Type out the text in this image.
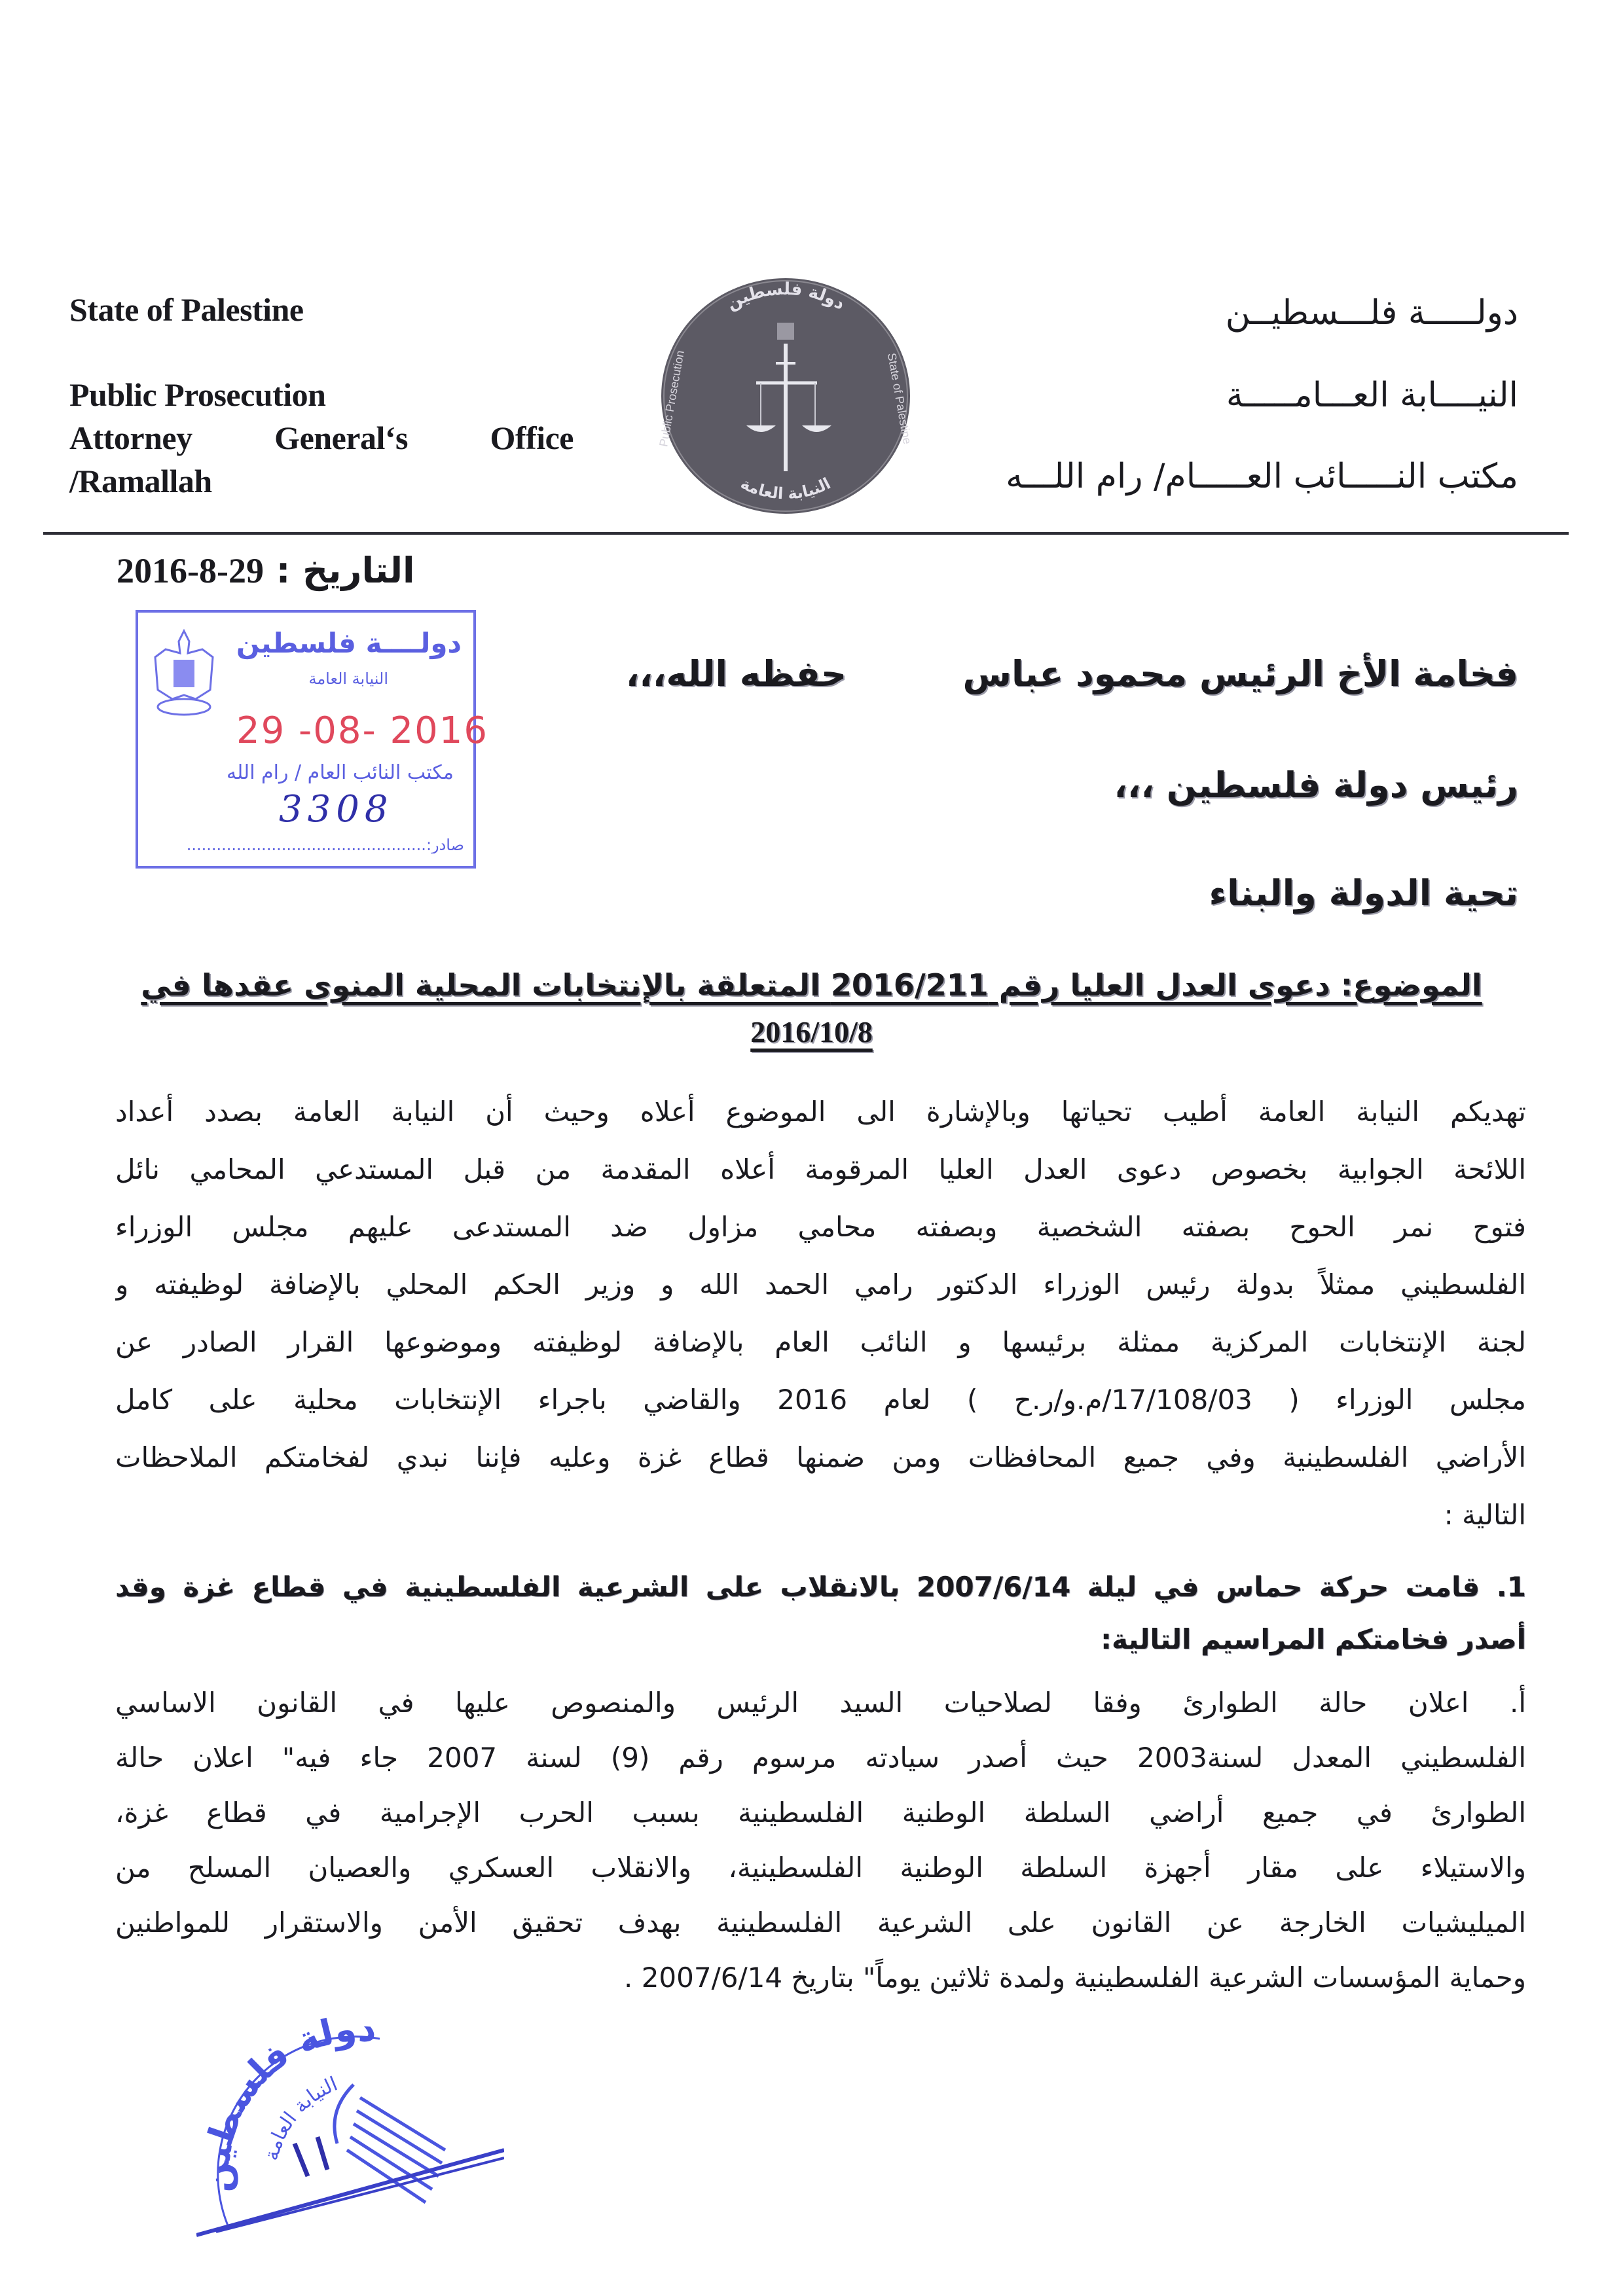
State of Palestine
Public Prosecution
Attorney	General‘s	Office
/Ramallah
دولة فلسطين
النيابة العامة
State of Palestine
Public Prosecution
دولـــــة فلـــسطيــن
النيــــابة العـــامـــــة
مكتب النـــــائب العـــــام/ رام اللـــه
التاريخ : 29-8-2016
دولــــة فلسطين
النيابة العامة
29 -08- 2016
مكتب النائب العام / رام الله
3308
صادر:................................................
فخامة الأخ الرئيس محمود عباس  حفظه الله،،،
رئيس دولة فلسطين ،،،
تحية الدولة والبناء
الموضوع: دعوى العدل العليا رقم 2016/211 المتعلقة بالإنتخابات المحلية المنوى عقدها في
2016/10/8
تهديكم النيابة العامة أطيب تحياتها وبالإشارة الى الموضوع أعلاه وحيث أن النيابة العامة بصدد أعداد
اللائحة الجوابية بخصوص دعوى العدل العليا المرقومة أعلاه المقدمة من قبل المستدعي المحامي نائل
فتوح نمر الحوح بصفته الشخصية وبصفته محامي مزاول ضد المستدعى عليهم مجلس الوزراء
الفلسطيني ممثلاً بدولة رئيس الوزراء الدكتور رامي الحمد الله و وزير الحكم المحلي بالإضافة لوظيفته و
لجنة الإنتخابات المركزية ممثلة برئيسها و النائب العام بالإضافة لوظيفته وموضوعها القرار الصادر عن
مجلس الوزراء ( 17/108/03/م.و/ر.ح ) لعام 2016 والقاضي باجراء الإنتخابات محلية على كامل
الأراضي الفلسطينية وفي جميع المحافظات ومن ضمنها قطاع غزة وعليه فإننا نبدي لفخامتكم الملاحظات
التالية :
1. قامت حركة حماس في ليلة 2007/6/14 بالانقلاب على الشرعية الفلسطينية في قطاع غزة وقد
أصدر فخامتكم المراسيم التالية:
أ. اعلان حالة الطوارئ وفقا لصلاحيات السيد الرئيس والمنصوص عليها في القانون الاساسي
الفلسطيني المعدل لسنة2003 حيث أصدر سيادته مرسوم رقم (9) لسنة 2007 جاء فيه" اعلان حالة
الطوارئ في جميع أراضي السلطة الوطنية الفلسطينية بسبب الحرب الإجرامية في قطاع غزة،
والاستيلاء على مقار أجهزة السلطة الوطنية الفلسطينية، والانقلاب العسكري والعصيان المسلح من
الميليشيات الخارجة عن القانون على الشرعية الفلسطينية بهدف تحقيق الأمن والاستقرار للمواطنين
وحماية المؤسسات الشرعية الفلسطينية ولمدة ثلاثين يوماً" بتاريخ 2007/6/14 .
دولة فلسطين
النيابة العامة
